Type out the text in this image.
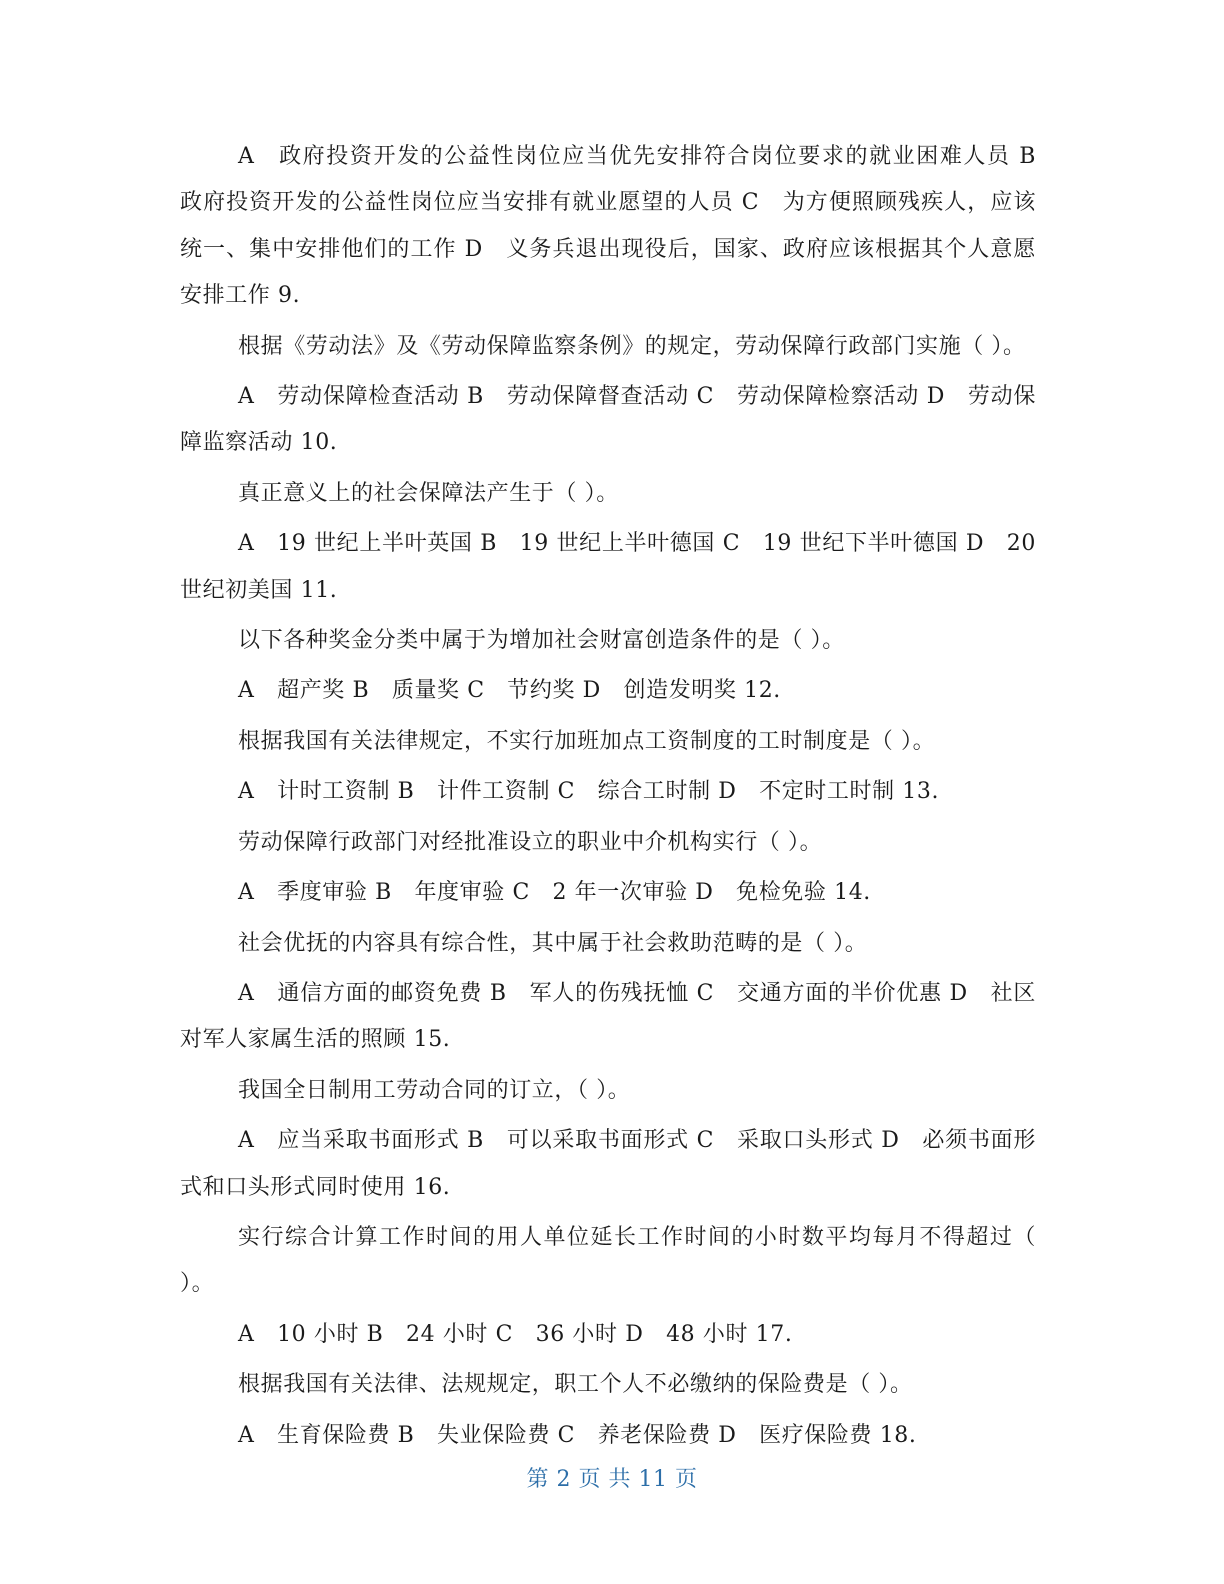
A　政府投资开发的公益性岗位应当优先安排符合岗位要求的就业困难人员 B　政府投资开发的公益性岗位应当安排有就业愿望的人员 C　为方便照顾残疾人，应该统一、集中安排他们的工作 D　义务兵退出现役后，国家、政府应该根据其个人意愿安排工作 9.

根据《劳动法》及《劳动保障监察条例》的规定，劳动保障行政部门实施（ ）。

A　劳动保障检查活动 B　劳动保障督查活动 C　劳动保障检察活动 D　劳动保障监察活动 10.

真正意义上的社会保障法产生于（ ）。

A　19 世纪上半叶英国 B　19 世纪上半叶德国 C　19 世纪下半叶德国 D　20 世纪初美国 11.

以下各种奖金分类中属于为增加社会财富创造条件的是（ ）。

A　超产奖 B　质量奖 C　节约奖 D　创造发明奖 12.

根据我国有关法律规定，不实行加班加点工资制度的工时制度是（ ）。

A　计时工资制 B　计件工资制 C　综合工时制 D　不定时工时制 13.

劳动保障行政部门对经批准设立的职业中介机构实行（ ）。

A　季度审验 B　年度审验 C　2 年一次审验 D　免检免验 14.

社会优抚的内容具有综合性，其中属于社会救助范畴的是（ ）。

A　通信方面的邮资免费 B　军人的伤残抚恤 C　交通方面的半价优惠 D　社区对军人家属生活的照顾 15.

我国全日制用工劳动合同的订立，（ ）。

A　应当采取书面形式 B　可以采取书面形式 C　采取口头形式 D　必须书面形式和口头形式同时使用 16.

实行综合计算工作时间的用人单位延长工作时间的小时数平均每月不得超过（ ）。

A　10 小时 B　24 小时 C　36 小时 D　48 小时 17.

根据我国有关法律、法规规定，职工个人不必缴纳的保险费是（ ）。

A　生育保险费 B　失业保险费 C　养老保险费 D　医疗保险费 18.

第 2 页 共 11 页
